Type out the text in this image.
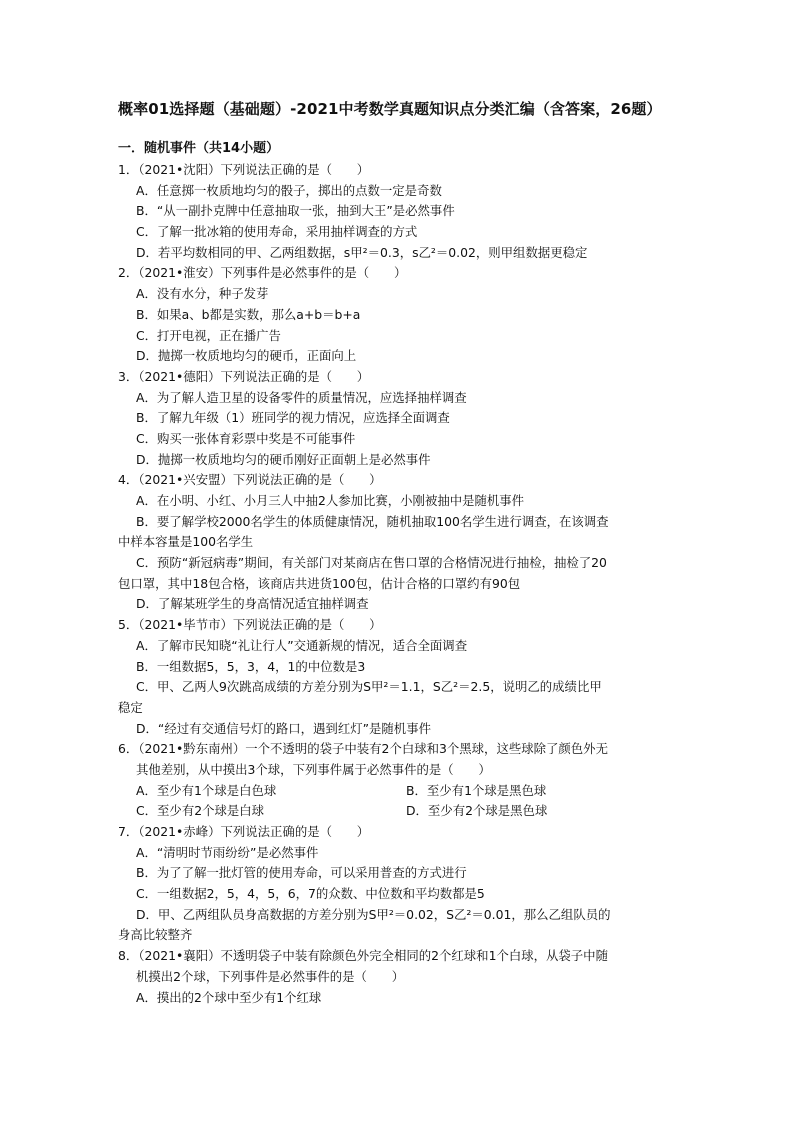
概率01选择题（基础题）-2021中考数学真题知识点分类汇编（含答案，26题）
一．随机事件（共14小题）
1．（2021•沈阳）下列说法正确的是（　　）
A．任意掷一枚质地均匀的骰子，掷出的点数一定是奇数
B．“从一副扑克牌中任意抽取一张，抽到大王”是必然事件
C．了解一批冰箱的使用寿命，采用抽样调查的方式
D．若平均数相同的甲、乙两组数据，s甲²＝0.3，s乙²＝0.02，则甲组数据更稳定
2．（2021•淮安）下列事件是必然事件的是（　　）
A．没有水分，种子发芽
B．如果a、b都是实数，那么a+b＝b+a
C．打开电视，正在播广告
D．抛掷一枚质地均匀的硬币，正面向上
3．（2021•德阳）下列说法正确的是（　　）
A．为了解人造卫星的设备零件的质量情况，应选择抽样调查
B．了解九年级（1）班同学的视力情况，应选择全面调查
C．购买一张体育彩票中奖是不可能事件
D．抛掷一枚质地均匀的硬币刚好正面朝上是必然事件
4．（2021•兴安盟）下列说法正确的是（　　）
A．在小明、小红、小月三人中抽2人参加比赛，小刚被抽中是随机事件
B．要了解学校2000名学生的体质健康情况，随机抽取100名学生进行调查，在该调查
中样本容量是100名学生
C．预防“新冠病毒”期间，有关部门对某商店在售口罩的合格情况进行抽检，抽检了20
包口罩，其中18包合格，该商店共进货100包，估计合格的口罩约有90包
D．了解某班学生的身高情况适宜抽样调查
5．（2021•毕节市）下列说法正确的是（　　）
A．了解市民知晓“礼让行人”交通新规的情况，适合全面调查
B．一组数据5，5，3，4，1的中位数是3
C．甲、乙两人9次跳高成绩的方差分别为S甲²＝1.1，S乙²＝2.5，说明乙的成绩比甲
稳定
D．“经过有交通信号灯的路口，遇到红灯”是随机事件
6．（2021•黔东南州）一个不透明的袋子中装有2个白球和3个黑球，这些球除了颜色外无
其他差别，从中摸出3个球，下列事件属于必然事件的是（　　）
A．至少有1个球是白色球	B．至少有1个球是黑色球
C．至少有2个球是白球	D．至少有2个球是黑色球
7．（2021•赤峰）下列说法正确的是（　　）
A．“清明时节雨纷纷”是必然事件
B．为了了解一批灯管的使用寿命，可以采用普查的方式进行
C．一组数据2，5，4，5，6，7的众数、中位数和平均数都是5
D．甲、乙两组队员身高数据的方差分别为S甲²＝0.02，S乙²＝0.01，那么乙组队员的
身高比较整齐
8．（2021•襄阳）不透明袋子中装有除颜色外完全相同的2个红球和1个白球，从袋子中随
机摸出2个球，下列事件是必然事件的是（　　）
A．摸出的2个球中至少有1个红球
